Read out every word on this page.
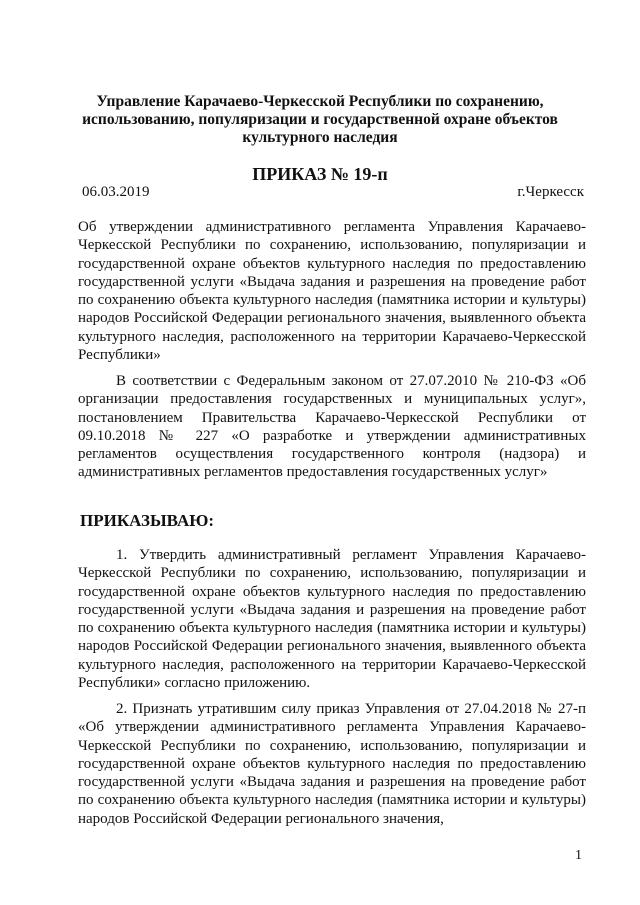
Управление Карачаево-Черкесской Республики по сохранению, использованию, популяризации и государственной охране объектов культурного наследия
ПРИКАЗ № 19-п
06.03.2019	г.Черкесск
Об утверждении административного регламента Управления Карачаево-Черкесской Республики по сохранению, использованию, популяризации и государственной охране объектов культурного наследия по предоставлению государственной услуги «Выдача задания и разрешения на проведение работ по сохранению объекта культурного наследия (памятника истории и культуры) народов Российской Федерации регионального значения, выявленного объекта культурного наследия, расположенного на территории Карачаево-Черкесской Республики»
В соответствии с Федеральным законом от 27.07.2010 № 210-ФЗ «Об организации предоставления государственных и муниципальных услуг», постановлением Правительства Карачаево-Черкесской Республики от 09.10.2018 № 227 «О разработке и утверждении административных регламентов осуществления государственного контроля (надзора) и административных регламентов предоставления государственных услуг»
ПРИКАЗЫВАЮ:
1. Утвердить административный регламент Управления Карачаево-Черкесской Республики по сохранению, использованию, популяризации и государственной охране объектов культурного наследия по предоставлению государственной услуги «Выдача задания и разрешения на проведение работ по сохранению объекта культурного наследия (памятника истории и культуры) народов Российской Федерации регионального значения, выявленного объекта культурного наследия, расположенного на территории Карачаево-Черкесской Республики» согласно приложению.
2. Признать утратившим силу приказ Управления от 27.04.2018 № 27-п «Об утверждении административного регламента Управления Карачаево-Черкесской Республики по сохранению, использованию, популяризации и государственной охране объектов культурного наследия по предоставлению государственной услуги «Выдача задания и разрешения на проведение работ по сохранению объекта культурного наследия (памятника истории и культуры) народов Российской Федерации регионального значения,
1
